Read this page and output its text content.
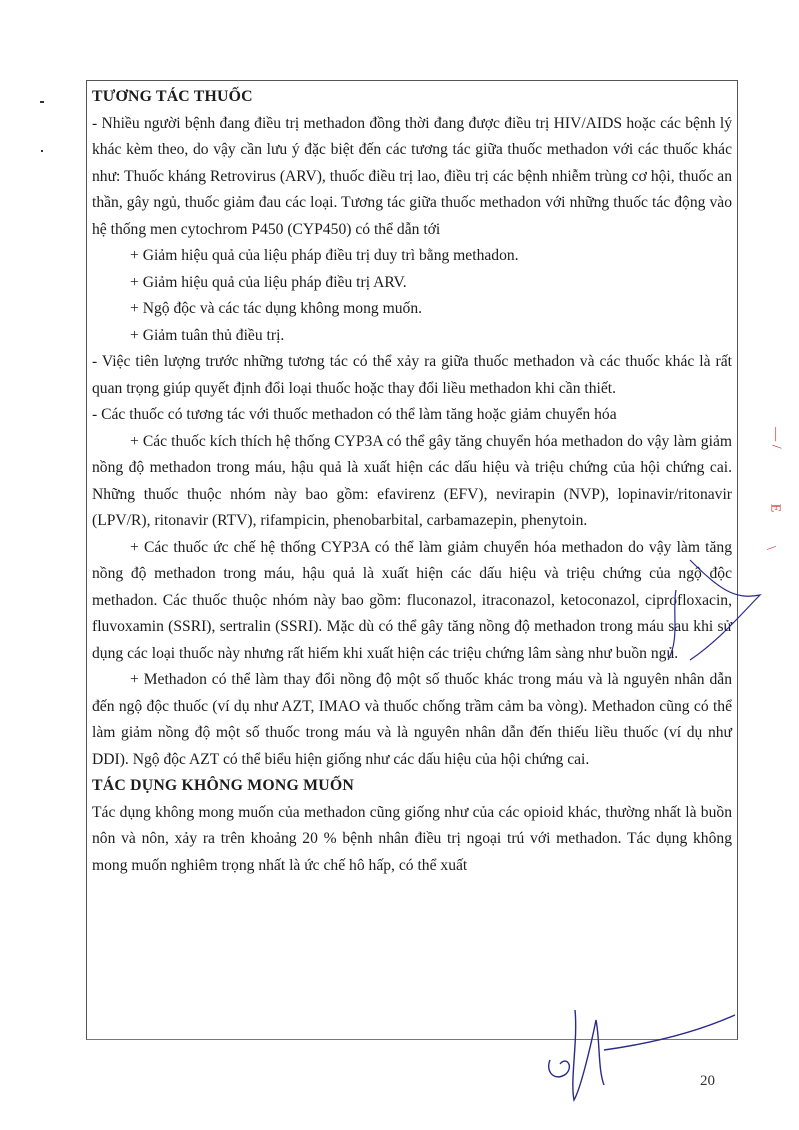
TƯƠNG TÁC THUỐC

- Nhiều người bệnh đang điều trị methadon đồng thời đang được điều trị HIV/AIDS hoặc các bệnh lý khác kèm theo, do vậy cần lưu ý đặc biệt đến các tương tác giữa thuốc methadon với các thuốc khác như: Thuốc kháng Retrovirus (ARV), thuốc điều trị lao, điều trị các bệnh nhiễm trùng cơ hội, thuốc an thần, gây ngủ, thuốc giảm đau các loại. Tương tác giữa thuốc methadon với những thuốc tác động vào hệ thống men cytochrom P450 (CYP450) có thể dẫn tới

+ Giảm hiệu quả của liệu pháp điều trị duy trì bằng methadon.
+ Giảm hiệu quả của liệu pháp điều trị ARV.
+ Ngộ độc và các tác dụng không mong muốn.
+ Giảm tuân thủ điều trị.

- Việc tiên lượng trước những tương tác có thể xảy ra giữa thuốc methadon và các thuốc khác là rất quan trọng giúp quyết định đổi loại thuốc hoặc thay đổi liều methadon khi cần thiết.

- Các thuốc có tương tác với thuốc methadon có thể làm tăng hoặc giảm chuyển hóa

+ Các thuốc kích thích hệ thống CYP3A có thể gây tăng chuyển hóa methadon do vậy làm giảm nồng độ methadon trong máu, hậu quả là xuất hiện các dấu hiệu và triệu chứng của hội chứng cai. Những thuốc thuộc nhóm này bao gồm: efavirenz (EFV), nevirapin (NVP), lopinavir/ritonavir (LPV/R), ritonavir (RTV), rifampicin, phenobarbital, carbamazepin, phenytoin.

+ Các thuốc ức chế hệ thống CYP3A có thể làm giảm chuyển hóa methadon do vậy làm tăng nồng độ methadon trong máu, hậu quả là xuất hiện các dấu hiệu và triệu chứng của ngộ độc methadon. Các thuốc thuộc nhóm này bao gồm: fluconazol, itraconazol, ketoconazol, ciprofloxacin, fluvoxamin (SSRI), sertralin (SSRI). Mặc dù có thể gây tăng nồng độ methadon trong máu sau khi sử dụng các loại thuốc này nhưng rất hiếm khi xuất hiện các triệu chứng lâm sàng như buồn ngủ.

+ Methadon có thể làm thay đổi nồng độ một số thuốc khác trong máu và là nguyên nhân dẫn đến ngộ độc thuốc (ví dụ như AZT, IMAO và thuốc chống trầm cảm ba vòng). Methadon cũng có thể làm giảm nồng độ một số thuốc trong máu và là nguyên nhân dẫn đến thiếu liều thuốc (ví dụ như DDI). Ngộ độc AZT có thể biểu hiện giống như các dấu hiệu của hội chứng cai.

TÁC DỤNG KHÔNG MONG MUỐN

Tác dụng không mong muốn của methadon cũng giống như của các opioid khác, thường nhất là buồn nôn và nôn, xảy ra trên khoảng 20 % bệnh nhân điều trị ngoại trú với methadon. Tác dụng không mong muốn nghiêm trọng nhất là ức chế hô hấp, có thể xuất

20
— /
E
\
